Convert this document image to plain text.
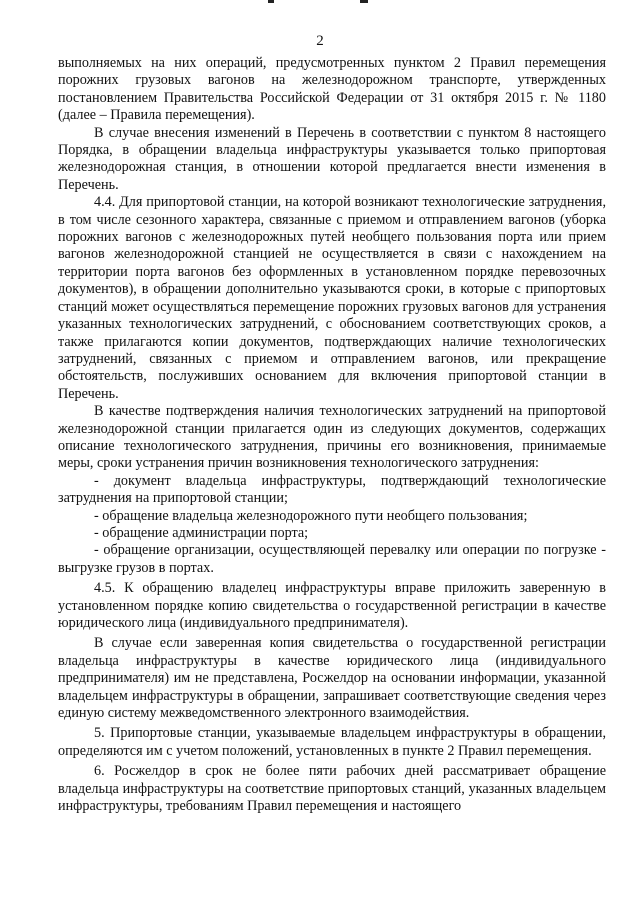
2

выполняемых на них операций, предусмотренных пунктом 2 Правил перемещения порожних грузовых вагонов на железнодорожном транспорте, утвержденных постановлением Правительства Российской Федерации от 31 октября 2015 г. № 1180 (далее – Правила перемещения).

В случае внесения изменений в Перечень в соответствии с пунктом 8 настоящего Порядка, в обращении владельца инфраструктуры указывается только припортовая железнодорожная станция, в отношении которой предлагается внести изменения в Перечень.

4.4. Для припортовой станции, на которой возникают технологические затруднения, в том числе сезонного характера, связанные с приемом и отправлением вагонов (уборка порожних вагонов с железнодорожных путей необщего пользования порта или прием вагонов железнодорожной станцией не осуществляется в связи с нахождением на территории порта вагонов без оформленных в установленном порядке перевозочных документов), в обращении дополнительно указываются сроки, в которые с припортовых станций может осуществляться перемещение порожних грузовых вагонов для устранения указанных технологических затруднений, с обоснованием соответствующих сроков, а также прилагаются копии документов, подтверждающих наличие технологических затруднений, связанных с приемом и отправлением вагонов, или прекращение обстоятельств, послуживших основанием для включения припортовой станции в Перечень.

В качестве подтверждения наличия технологических затруднений на припортовой железнодорожной станции прилагается один из следующих документов, содержащих описание технологического затруднения, причины его возникновения, принимаемые меры, сроки устранения причин возникновения технологического затруднения:

- документ владельца инфраструктуры, подтверждающий технологические затруднения на припортовой станции;

- обращение владельца железнодорожного пути необщего пользования;

- обращение администрации порта;

- обращение организации, осуществляющей перевалку или операции по погрузке - выгрузке грузов в портах.

4.5. К обращению владелец инфраструктуры вправе приложить заверенную в установленном порядке копию свидетельства о государственной регистрации в качестве юридического лица (индивидуального предпринимателя).

В случае если заверенная копия свидетельства о государственной регистрации владельца инфраструктуры в качестве юридического лица (индивидуального предпринимателя) им не представлена, Росжелдор на основании информации, указанной владельцем инфраструктуры в обращении, запрашивает соответствующие сведения через единую систему межведомственного электронного взаимодействия.

5. Припортовые станции, указываемые владельцем инфраструктуры в обращении, определяются им с учетом положений, установленных в пункте 2 Правил перемещения.

6. Росжелдор в срок не более пяти рабочих дней рассматривает обращение владельца инфраструктуры на соответствие припортовых станций, указанных владельцем инфраструктуры, требованиям Правил перемещения и настоящего
